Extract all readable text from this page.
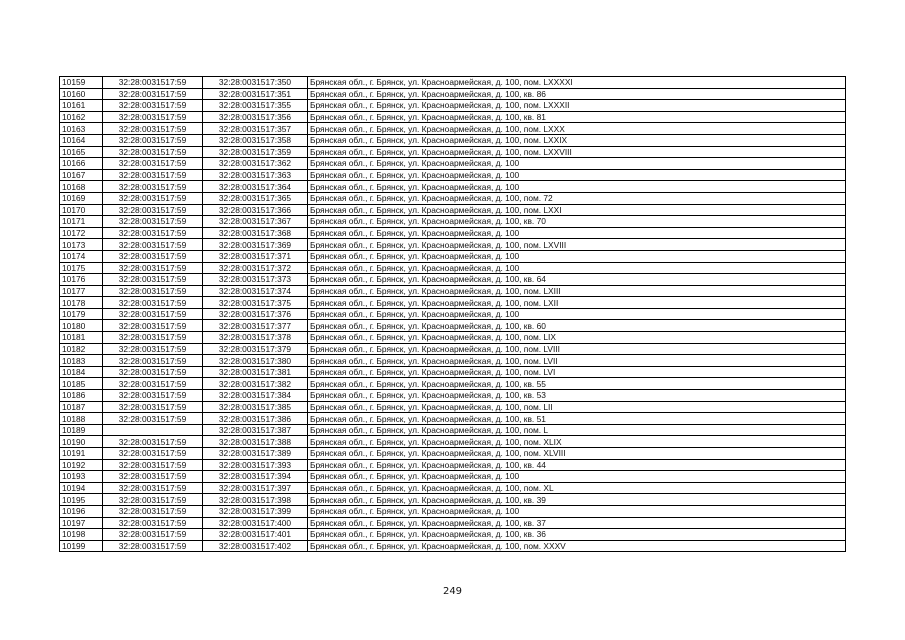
10159	32:28:0031517:59	32:28:0031517:350	Брянская обл., г. Брянск, ул. Красноармейская, д. 100, пом. LXXXXI
10160	32:28:0031517:59	32:28:0031517:351	Брянская обл., г. Брянск, ул. Красноармейская, д. 100, кв. 86
10161	32:28:0031517:59	32:28:0031517:355	Брянская обл., г. Брянск, ул. Красноармейская, д. 100, пом. LXXXII
10162	32:28:0031517:59	32:28:0031517:356	Брянская обл., г. Брянск, ул. Красноармейская, д. 100, кв. 81
10163	32:28:0031517:59	32:28:0031517:357	Брянская обл., г. Брянск, ул. Красноармейская, д. 100, пом. LXXX
10164	32:28:0031517:59	32:28:0031517:358	Брянская обл., г. Брянск, ул. Красноармейская, д. 100, пом. LXXIX
10165	32:28:0031517:59	32:28:0031517:359	Брянская обл., г. Брянск, ул. Красноармейская, д. 100, пом. LXXVIII
10166	32:28:0031517:59	32:28:0031517:362	Брянская обл., г. Брянск, ул. Красноармейская, д. 100
10167	32:28:0031517:59	32:28:0031517:363	Брянская обл., г. Брянск, ул. Красноармейская, д. 100
10168	32:28:0031517:59	32:28:0031517:364	Брянская обл., г. Брянск, ул. Красноармейская, д. 100
10169	32:28:0031517:59	32:28:0031517:365	Брянская обл., г. Брянск, ул. Красноармейская, д. 100, пом. 72
10170	32:28:0031517:59	32:28:0031517:366	Брянская обл., г. Брянск, ул. Красноармейская, д. 100, пом. LXXI
10171	32:28:0031517:59	32:28:0031517:367	Брянская обл., г. Брянск, ул. Красноармейская, д. 100, кв. 70
10172	32:28:0031517:59	32:28:0031517:368	Брянская обл., г. Брянск, ул. Красноармейская, д. 100
10173	32:28:0031517:59	32:28:0031517:369	Брянская обл., г. Брянск, ул. Красноармейская, д. 100, пом. LXVIII
10174	32:28:0031517:59	32:28:0031517:371	Брянская обл., г. Брянск, ул. Красноармейская, д. 100
10175	32:28:0031517:59	32:28:0031517:372	Брянская обл., г. Брянск, ул. Красноармейская, д. 100
10176	32:28:0031517:59	32:28:0031517:373	Брянская обл., г. Брянск, ул. Красноармейская, д. 100, кв. 64
10177	32:28:0031517:59	32:28:0031517:374	Брянская обл., г. Брянск, ул. Красноармейская, д. 100, пом. LXIII
10178	32:28:0031517:59	32:28:0031517:375	Брянская обл., г. Брянск, ул. Красноармейская, д. 100, пом. LXII
10179	32:28:0031517:59	32:28:0031517:376	Брянская обл., г. Брянск, ул. Красноармейская, д. 100
10180	32:28:0031517:59	32:28:0031517:377	Брянская обл., г. Брянск, ул. Красноармейская, д. 100, кв. 60
10181	32:28:0031517:59	32:28:0031517:378	Брянская обл., г. Брянск, ул. Красноармейская, д. 100, пом. LIX
10182	32:28:0031517:59	32:28:0031517:379	Брянская обл., г. Брянск, ул. Красноармейская, д. 100, пом. LVIII
10183	32:28:0031517:59	32:28:0031517:380	Брянская обл., г. Брянск, ул. Красноармейская, д. 100, пом. LVII
10184	32:28:0031517:59	32:28:0031517:381	Брянская обл., г. Брянск, ул. Красноармейская, д. 100, пом. LVI
10185	32:28:0031517:59	32:28:0031517:382	Брянская обл., г. Брянск, ул. Красноармейская, д. 100, кв. 55
10186	32:28:0031517:59	32:28:0031517:384	Брянская обл., г. Брянск, ул. Красноармейская, д. 100, кв. 53
10187	32:28:0031517:59	32:28:0031517:385	Брянская обл., г. Брянск, ул. Красноармейская, д. 100, пом. LII
10188	32:28:0031517:59	32:28:0031517:386	Брянская обл., г. Брянск, ул. Красноармейская, д. 100, кв. 51
10189		32:28:0031517:387	Брянская обл., г. Брянск, ул. Красноармейская, д. 100, пом. L
10190	32:28:0031517:59	32:28:0031517:388	Брянская обл., г. Брянск, ул. Красноармейская, д. 100, пом. XLIX
10191	32:28:0031517:59	32:28:0031517:389	Брянская обл., г. Брянск, ул. Красноармейская, д. 100, пом. XLVIII
10192	32:28:0031517:59	32:28:0031517:393	Брянская обл., г. Брянск, ул. Красноармейская, д. 100, кв. 44
10193	32:28:0031517:59	32:28:0031517:394	Брянская обл., г. Брянск, ул. Красноармейская, д. 100
10194	32:28:0031517:59	32:28:0031517:397	Брянская обл., г. Брянск, ул. Красноармейская, д. 100, пом. XL
10195	32:28:0031517:59	32:28:0031517:398	Брянская обл., г. Брянск, ул. Красноармейская, д. 100, кв. 39
10196	32:28:0031517:59	32:28:0031517:399	Брянская обл., г. Брянск, ул. Красноармейская, д. 100
10197	32:28:0031517:59	32:28:0031517:400	Брянская обл., г. Брянск, ул. Красноармейская, д. 100, кв. 37
10198	32:28:0031517:59	32:28:0031517:401	Брянская обл., г. Брянск, ул. Красноармейская, д. 100, кв. 36
10199	32:28:0031517:59	32:28:0031517:402	Брянская обл., г. Брянск, ул. Красноармейская, д. 100, пом. XXXV
249
